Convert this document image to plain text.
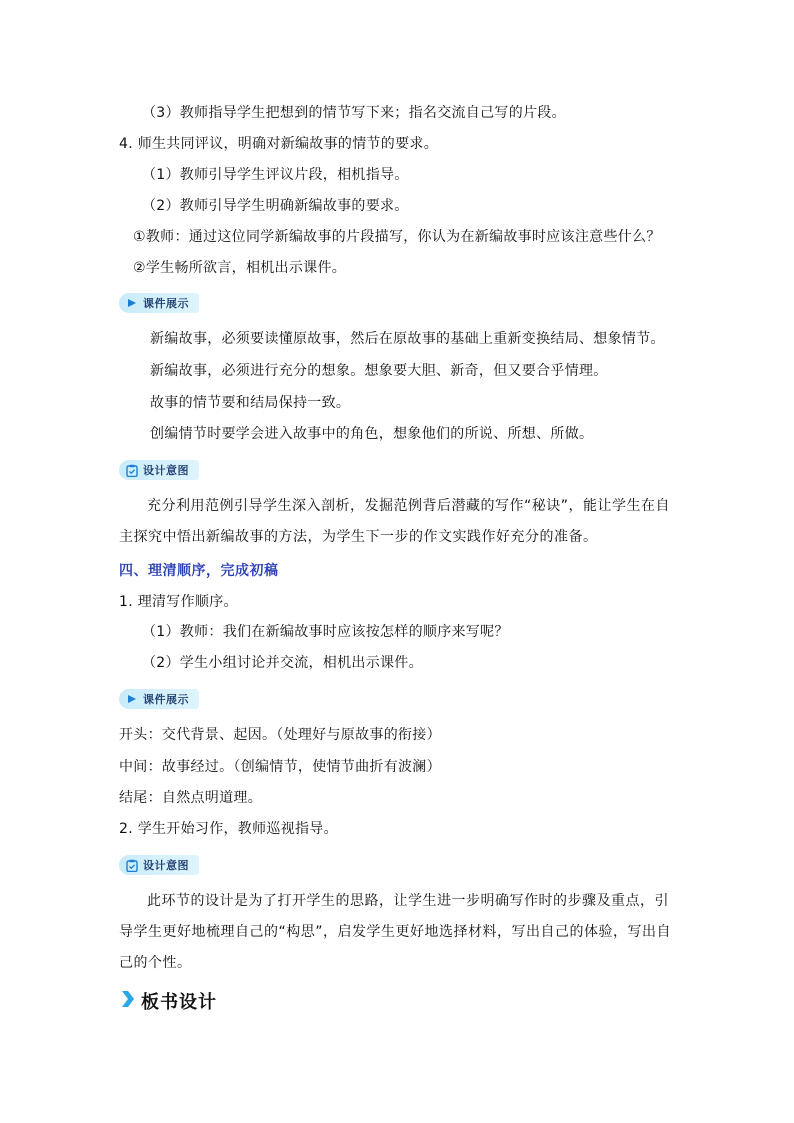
（3）教师指导学生把想到的情节写下来；指名交流自己写的片段。
4. 师生共同评议，明确对新编故事的情节的要求。
（1）教师引导学生评议片段，相机指导。
（2）教师引导学生明确新编故事的要求。
①教师：通过这位同学新编故事的片段描写，你认为在新编故事时应该注意些什么？
②学生畅所欲言，相机出示课件。
课件展示
新编故事，必须要读懂原故事，然后在原故事的基础上重新变换结局、想象情节。
新编故事，必须进行充分的想象。想象要大胆、新奇，但又要合乎情理。
故事的情节要和结局保持一致。
创编情节时要学会进入故事中的角色，想象他们的所说、所想、所做。
设计意图
充分利用范例引导学生深入剖析，发掘范例背后潜藏的写作“秘诀”，能让学生在自主探究中悟出新编故事的方法，为学生下一步的作文实践作好充分的准备。
四、理清顺序，完成初稿
1. 理清写作顺序。
（1）教师：我们在新编故事时应该按怎样的顺序来写呢？
（2）学生小组讨论并交流，相机出示课件。
课件展示
开头：交代背景、起因。（处理好与原故事的衔接）
中间：故事经过。（创编情节，使情节曲折有波澜）
结尾：自然点明道理。
2. 学生开始习作，教师巡视指导。
设计意图
此环节的设计是为了打开学生的思路，让学生进一步明确写作时的步骤及重点，引导学生更好地梳理自己的“构思”，启发学生更好地选择材料，写出自己的体验，写出自己的个性。
板书设计
